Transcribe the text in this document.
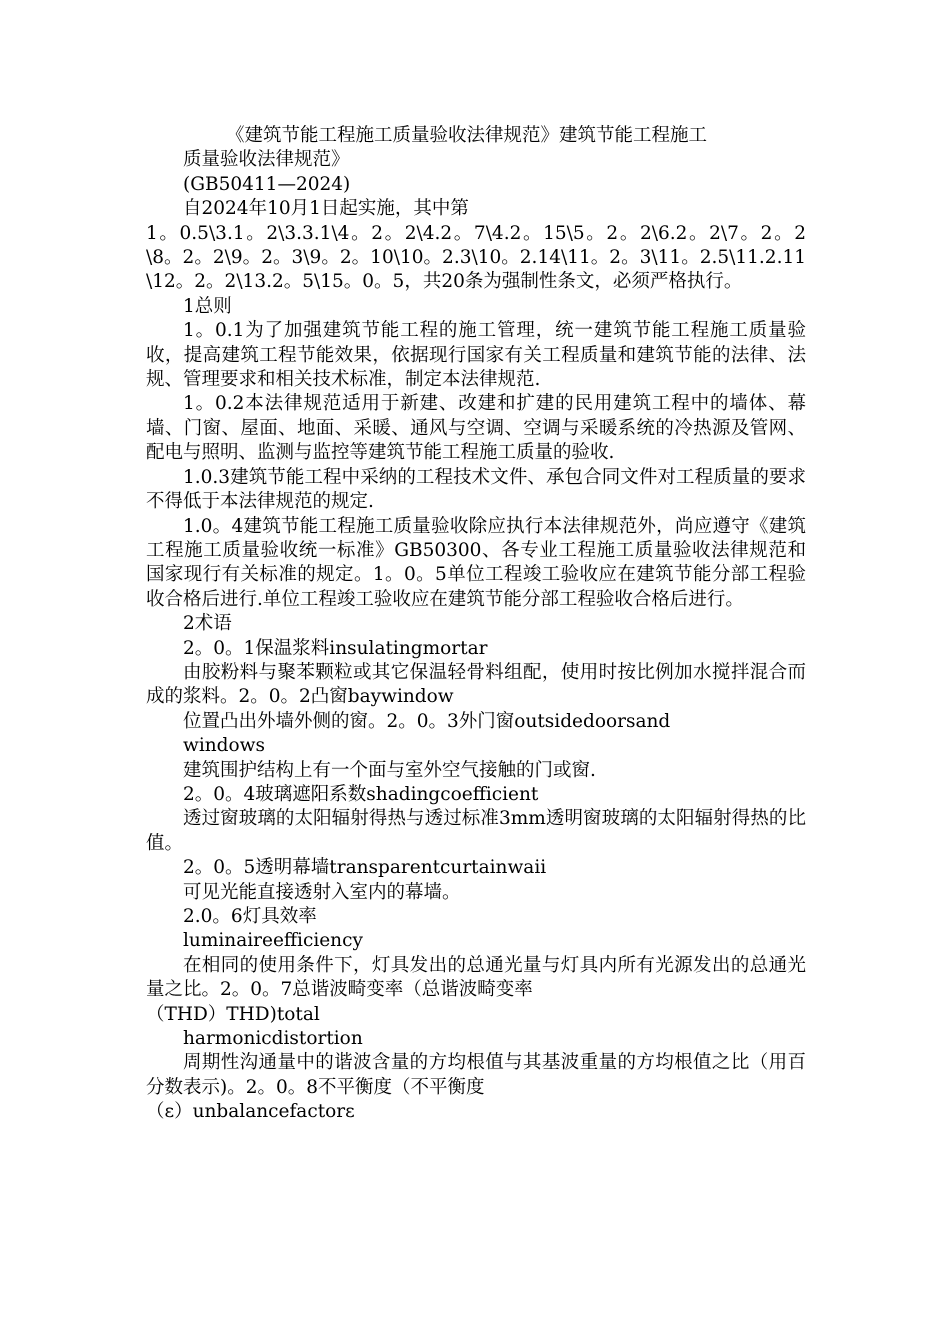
《建筑节能工程施工质量验收法律规范》建筑节能工程施工

质量验收法律规范》

(GB50411—2024)

自2024年10月1日起实施，其中第

1。0.5\3.1。2\3.3.1\4。2。2\4.2。7\4.2。15\5。2。2\6.2。2\7。2。2\8。2。2\9。2。3\9。2。10\10。2.3\10。2.14\11。2。3\11。2.5\11.2.11\12。2。2\13.2。5\15。0。5，共20条为强制性条文，必须严格执行。

1总则

1。0.1为了加强建筑节能工程的施工管理，统一建筑节能工程施工质量验收，提高建筑工程节能效果，依据现行国家有关工程质量和建筑节能的法律、法规、管理要求和相关技术标准，制定本法律规范.

1。0.2本法律规范适用于新建、改建和扩建的民用建筑工程中的墙体、幕墙、门窗、屋面、地面、采暖、通风与空调、空调与采暖系统的冷热源及管网、配电与照明、监测与监控等建筑节能工程施工质量的验收.

1.0.3建筑节能工程中采纳的工程技术文件、承包合同文件对工程质量的要求不得低于本法律规范的规定.

1.0。4建筑节能工程施工质量验收除应执行本法律规范外，尚应遵守《建筑工程施工质量验收统一标准》GB50300、各专业工程施工质量验收法律规范和国家现行有关标准的规定。1。0。5单位工程竣工验收应在建筑节能分部工程验收合格后进行.单位工程竣工验收应在建筑节能分部工程验收合格后进行。

2术语

2。0。1保温浆料insulatingmortar

由胶粉料与聚苯颗粒或其它保温轻骨料组配，使用时按比例加水搅拌混合而成的浆料。2。0。2凸窗baywindow

位置凸出外墙外侧的窗。2。0。3外门窗outsidedoorsand

windows

建筑围护结构上有一个面与室外空气接触的门或窗.

2。0。4玻璃遮阳系数shadingcoefficient

透过窗玻璃的太阳辐射得热与透过标准3mm透明窗玻璃的太阳辐射得热的比值。

2。0。5透明幕墙transparentcurtainwaii

可见光能直接透射入室内的幕墙。

2.0。6灯具效率

luminaireefficiency

在相同的使用条件下，灯具发出的总通光量与灯具内所有光源发出的总通光量之比。2。0。7总谐波畸变率（总谐波畸变率

（THD）THD)total

harmonicdistortion

周期性沟通量中的谐波含量的方均根值与其基波重量的方均根值之比（用百分数表示)。2。0。8不平衡度（不平衡度

（ε）unbalancefactorε
